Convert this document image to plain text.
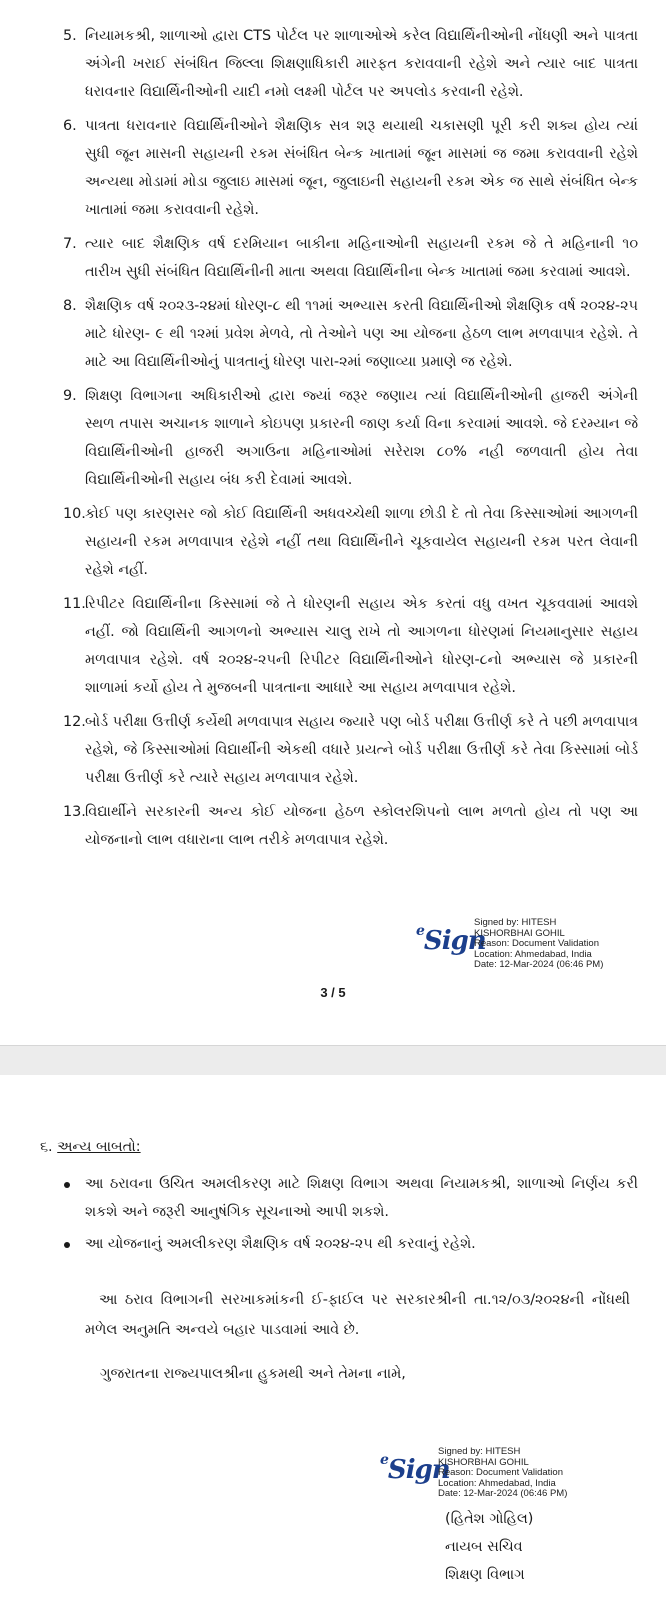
5. નિયામકશ્રી, શાળાઓ દ્વારા CTS પોર્ટલ પર શાળાઓએ કરેલ વિદ્યાર્થિનીઓની નોંધણી અને પાત્રતા અંગેની ખરાઈ સંબંધિત જિલ્લા શિક્ષણાધિકારી મારફત કરાવવાની રહેશે અને ત્યાર બાદ પાત્રતા ધરાવનાર વિદ્યાર્થિનીઓની યાદી નમો લક્ષ્મી પોર્ટલ પર અપલોડ કરવાની રહેશે.
6. પાત્રતા ધરાવનાર વિદ્યાર્થિનીઓને શૈક્ષણિક સત્ર શરૂ થયાથી ચકાસણી પૂરી કરી શક્ય હોય ત્યાં સુધી જૂન માસની સહાયની રકમ સંબંધિત બેન્ક ખાતામાં જૂન માસમાં જ જમા કરાવવાની રહેશે અન્યથા મોડામાં મોડા જુલાઇ માસમાં જૂન, જુલાઇની સહાયની રકમ એક જ સાથે સંબંધિત બેન્ક ખાતામાં જમા કરાવવાની રહેશે.
7. ત્યાર બાદ શૈક્ષણિક વર્ષ દરમિયાન બાકીના મહિનાઓની સહાયની રકમ જે તે મહિનાની ૧૦ તારીખ સુધી સંબંધિત વિદ્યાર્થિનીની માતા અથવા વિદ્યાર્થિનીના બેન્ક ખાતામાં જમા કરવામાં આવશે.
8. શૈક્ષણિક વર્ષ ૨૦૨૩-૨૪માં ધોરણ-૮ થી ૧૧માં અભ્યાસ કરતી વિદ્યાર્થિનીઓ શૈક્ષણિક વર્ષ ૨૦૨૪-૨૫ માટે ધોરણ- ૯ થી ૧૨માં પ્રવેશ મેળવે, તો તેઓને પણ આ યોજના હેઠળ લાભ મળવાપાત્ર રહેશે. તે માટે આ વિદ્યાર્થિનીઓનું પાત્રતાનું ધોરણ પારા-૨માં જણાવ્યા પ્રમાણે જ રહેશે.
9. શિક્ષણ વિભાગના અધિકારીઓ દ્વારા જ્યાં જરૂર જણાય ત્યાં વિદ્યાર્થિનીઓની હાજરી અંગેની સ્થળ તપાસ અચાનક શાળાને કોઇપણ પ્રકારની જાણ કર્યા વિના કરવામાં આવશે. જે દરમ્યાન જે વિદ્યાર્થિનીઓની હાજરી અગાઉના મહિનાઓમાં સરેરાશ ૮૦% નહી જળવાતી હોય તેવા વિદ્યાર્થિનીઓની સહાય બંધ કરી દેવામાં આવશે.
10. કોઈ પણ કારણસર જો કોઈ વિદ્યાર્થિની અધવચ્ચેથી શાળા છોડી દે તો તેવા કિસ્સાઓમાં આગળની સહાયની રકમ મળવાપાત્ર રહેશે નહીં તથા વિદ્યાર્થિનીને ચૂકવાયેલ સહાયની રકમ પરત લેવાની રહેશે નહીં.
11. રિપીટર વિદ્યાર્થિનીના કિસ્સામાં જે તે ધોરણની સહાય એક કરતાં વધુ વખત ચૂકવવામાં આવશે નહીં. જો વિદ્યાર્થિની આગળનો અભ્યાસ ચાલુ રાખે તો આગળના ધોરણમાં નિયમાનુસાર સહાય મળવાપાત્ર રહેશે. વર્ષ ૨૦૨૪-૨૫ની રિપીટર વિદ્યાર્થિનીઓને ધોરણ-૮નો અભ્યાસ જે પ્રકારની શાળામાં કર્યો હોય તે મુજબની પાત્રતાના આધારે આ સહાય મળવાપાત્ર રહેશે.
12. બોર્ડ પરીક્ષા ઉત્તીર્ણ કર્યેથી મળવાપાત્ર સહાય જ્યારે પણ બોર્ડ પરીક્ષા ઉત્તીર્ણ કરે તે પછી મળવાપાત્ર રહેશે, જે કિસ્સાઓમાં વિદ્યાર્થીની એકથી વધારે પ્રયત્ને બોર્ડ પરીક્ષા ઉત્તીર્ણ કરે તેવા કિસ્સામાં બોર્ડ પરીક્ષા ઉત્તીર્ણ કરે ત્યારે સહાય મળવાપાત્ર રહેશે.
13. વિદ્યાર્થીને સરકારની અન્ય કોઈ યોજના હેઠળ સ્કોલરશિપનો લાભ મળતો હોય તો પણ આ યોજનાનો લાભ વધારાના લાભ તરીકે મળવાપાત્ર રહેશે.
$^e$Sign
Signed by: HITESH
KISHORBHAI GOHIL
Reason: Document Validation
Location: Ahmedabad, India
Date: 12-Mar-2024 (06:46 PM)
3 / 5
૬. અન્ય બાબતો:
આ ઠરાવના ઉચિત અમલીકરણ માટે શિક્ષણ વિભાગ અથવા નિયામકશ્રી, શાળાઓ નિર્ણય કરી શકશે અને જરૂરી આનુષંગિક સૂચનાઓ આપી શકશે.
આ યોજનાનું અમલીકરણ શૈક્ષણિક વર્ષ ૨૦૨૪-૨૫ થી કરવાનું રહેશે.
આ ઠરાવ વિભાગની સરખાકમાંકની ઈ-ફાઈલ પર સરકારશ્રીની તા.૧૨/૦૩/૨૦૨૪ની નોંધથી મળેલ અનુમતિ અન્વયે બહાર પાડવામાં આવે છે.
ગુજરાતના રાજ્યપાલશ્રીના હુકમથી અને તેમના નામે,
$^e$Sign
Signed by: HITESH
KISHORBHAI GOHIL
Reason: Document Validation
Location: Ahmedabad, India
Date: 12-Mar-2024 (06:46 PM)
(હિતેશ ગોહિલ)
નાયબ સચિવ
શિક્ષણ વિભાગ
